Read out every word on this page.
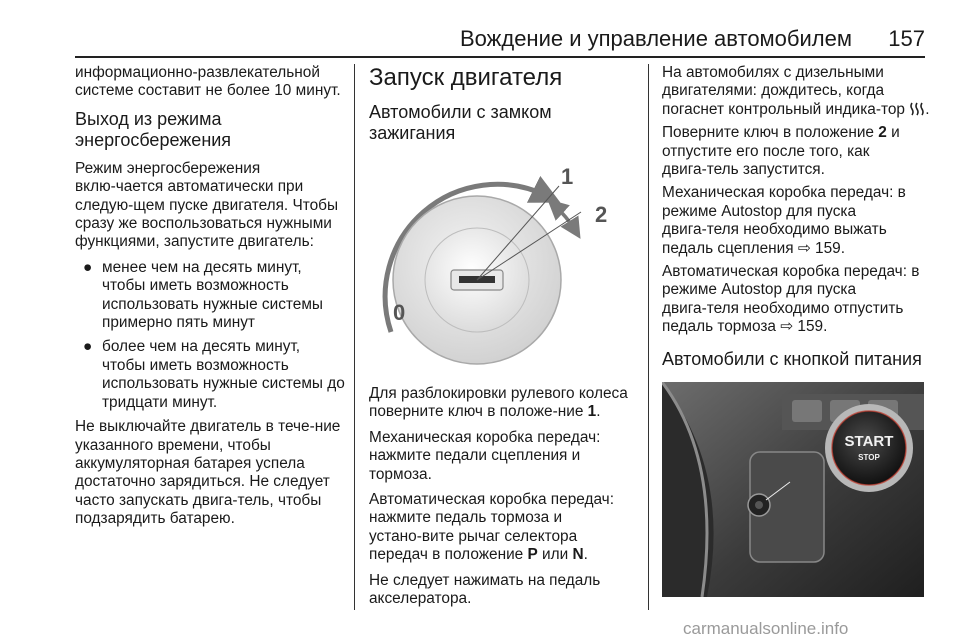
Вождение и управление автомобилем 157
информационно-развлекательной системе составит не более 10 минут.
Выход из режима энергосбережения
Режим энергосбережения вклю‑чается автоматически при следую‑щем пуске двигателя. Чтобы сразу же воспользоваться нужными функциями, запустите двигатель:
● менее чем на десять минут, чтобы иметь возможность использовать нужные системы примерно пять минут
● более чем на десять минут, чтобы иметь возможность использовать нужные системы до тридцати минут.
Не выключайте двигатель в тече‑ние указанного времени, чтобы аккумуляторная батарея успела достаточно зарядиться. Не следует часто запускать двига‑тель, чтобы подзарядить батарею.
Запуск двигателя
Автомобили с замком зажигания
1
2
0
Для разблокировки рулевого колеса поверните ключ в положе‑ние 1.
Механическая коробка передач: нажмите педали сцепления и тормоза.
Автоматическая коробка передач: нажмите педаль тормоза и устано‑вите рычаг селектора передач в положение P или N.
Не следует нажимать на педаль акселератора.
На автомобилях с дизельными двигателями: дождитесь, когда погаснет контрольный индика‑тор .
Поверните ключ в положение 2 и отпустите его после того, как двига‑тель запустится.
Механическая коробка передач: в режиме Autostop для пуска двига‑теля необходимо выжать педаль сцепления ⇨ 159.
Автоматическая коробка передач: в режиме Autostop для пуска двига‑теля необходимо отпустить педаль тормоза ⇨ 159.
Автомобили с кнопкой питания
START
STOP
carmanualsonline.info
